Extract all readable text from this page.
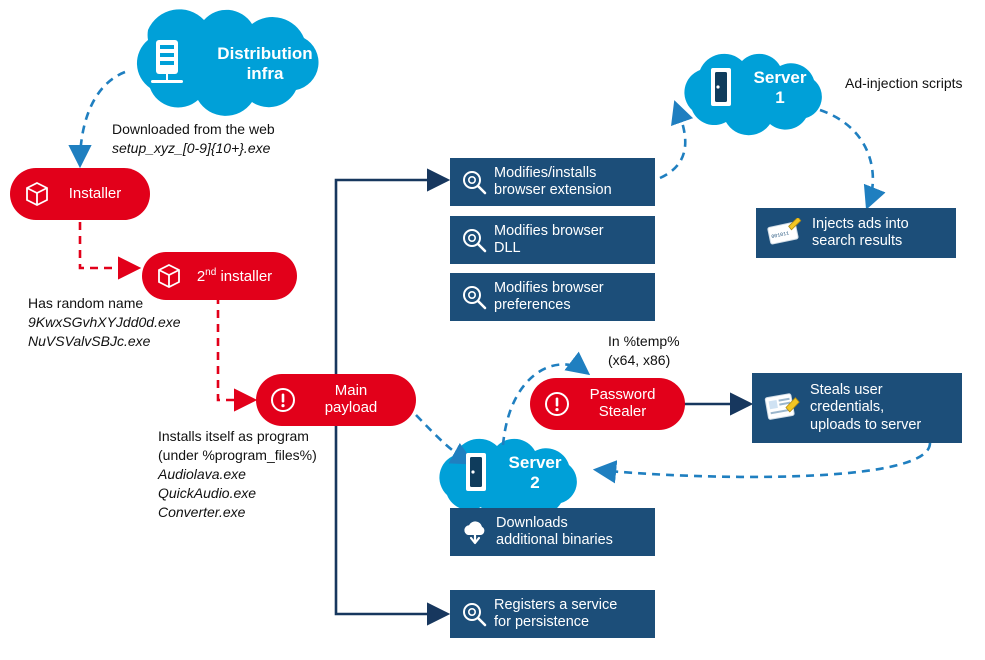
Distribution
infra	Server
1
Server
2
Installer
2nd installer
Main
payload
Password
Stealer
Modifies/installs
browser extension
Modifies browser
DLL
Modifies browser
preferences
001011
Injects ads into
search results
Steals user
credentials,
uploads to server
Downloads
additional binaries
Registers a service
for persistence
Downloaded from the web
setup_xyz_[0-9]{10+}.exe
Has random name
9KwxSGvhXYJdd0d.exe
NuVSValvSBJc.exe
Installs itself as program
(under %program_files%)
Audiolava.exe
QuickAudio.exe
Converter.exe
In %temp%
(x64, x86)
Ad-injection scripts
